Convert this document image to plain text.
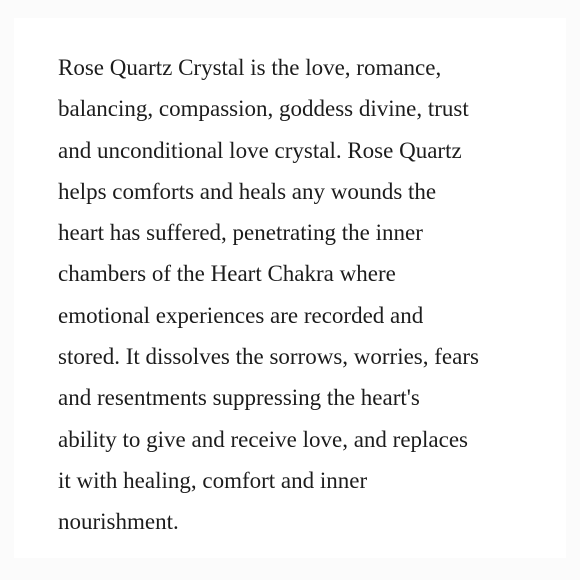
Rose Quartz Crystal is the love, romance,
balancing, compassion, goddess divine, trust
and unconditional love crystal. Rose Quartz
helps comforts and heals any wounds the
heart has suffered, penetrating the inner
chambers of the Heart Chakra where
emotional experiences are recorded and
stored. It dissolves the sorrows, worries, fears
and resentments suppressing the heart's
ability to give and receive love, and replaces
it with healing, comfort and inner
nourishment.
